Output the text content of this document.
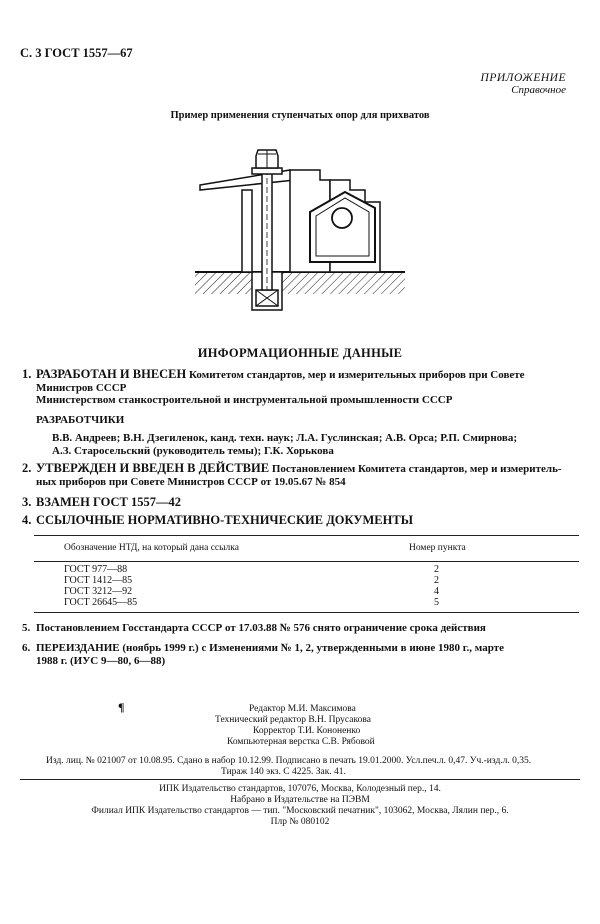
С. 3 ГОСТ 1557—67
ПРИЛОЖЕНИЕ
Справочное
Пример применения ступенчатых опор для прихватов
ИНФОРМАЦИОННЫЕ ДАННЫЕ
1. РАЗРАБОТАН И ВНЕСЕН Комитетом стандартов, мер и измерительных приборов при Совете
Министров СССР
Министерством станкостроительной и инструментальной промышленности СССР
РАЗРАБОТЧИКИ
В.В. Андреев; В.Н. Дзегиленок, канд. техн. наук; Л.А. Гуслинская; А.В. Орса; Р.П. Смирнова;
А.З. Старосельский (руководитель темы); Г.К. Хорькова
2. УТВЕРЖДЕН И ВВЕДЕН В ДЕЙСТВИЕ Постановлением Комитета стандартов, мер и измеритель-
ных приборов при Совете Министров СССР от 19.05.67 № 854
3. ВЗАМЕН ГОСТ 1557—42
4. ССЫЛОЧНЫЕ НОРМАТИВНО-ТЕХНИЧЕСКИЕ ДОКУМЕНТЫ
Обозначение НТД, на который дана ссылка	Номер пункта
ГОСТ 977—88	2
ГОСТ 1412—85	2
ГОСТ 3212—92	4
ГОСТ 26645—85	5
5. Постановлением Госстандарта СССР от 17.03.88 № 576 снято ограничение срока действия
6. ПЕРЕИЗДАНИЕ (ноябрь 1999 г.) с Изменениями № 1, 2, утвержденными в июне 1980 г., марте
1988 г. (ИУС 9—80, 6—88)
¶	Редактор М.И. Максимова
Технический редактор В.Н. Прусакова
Корректор Т.И. Кононенко
Компьютерная верстка С.В. Рябовой
Изд. лиц. № 021007 от 10.08.95. Сдано в набор 10.12.99. Подписано в печать 19.01.2000. Усл.печ.л. 0,47. Уч.-изд.л. 0,35.
Тираж 140 экз. С 4225. Зак. 41.
ИПК Издательство стандартов, 107076, Москва, Колодезный пер., 14.
Набрано в Издательстве на ПЭВМ
Филиал ИПК Издательство стандартов — тип. "Московский печатник", 103062, Москва, Лялин пер., 6.
Плр № 080102
